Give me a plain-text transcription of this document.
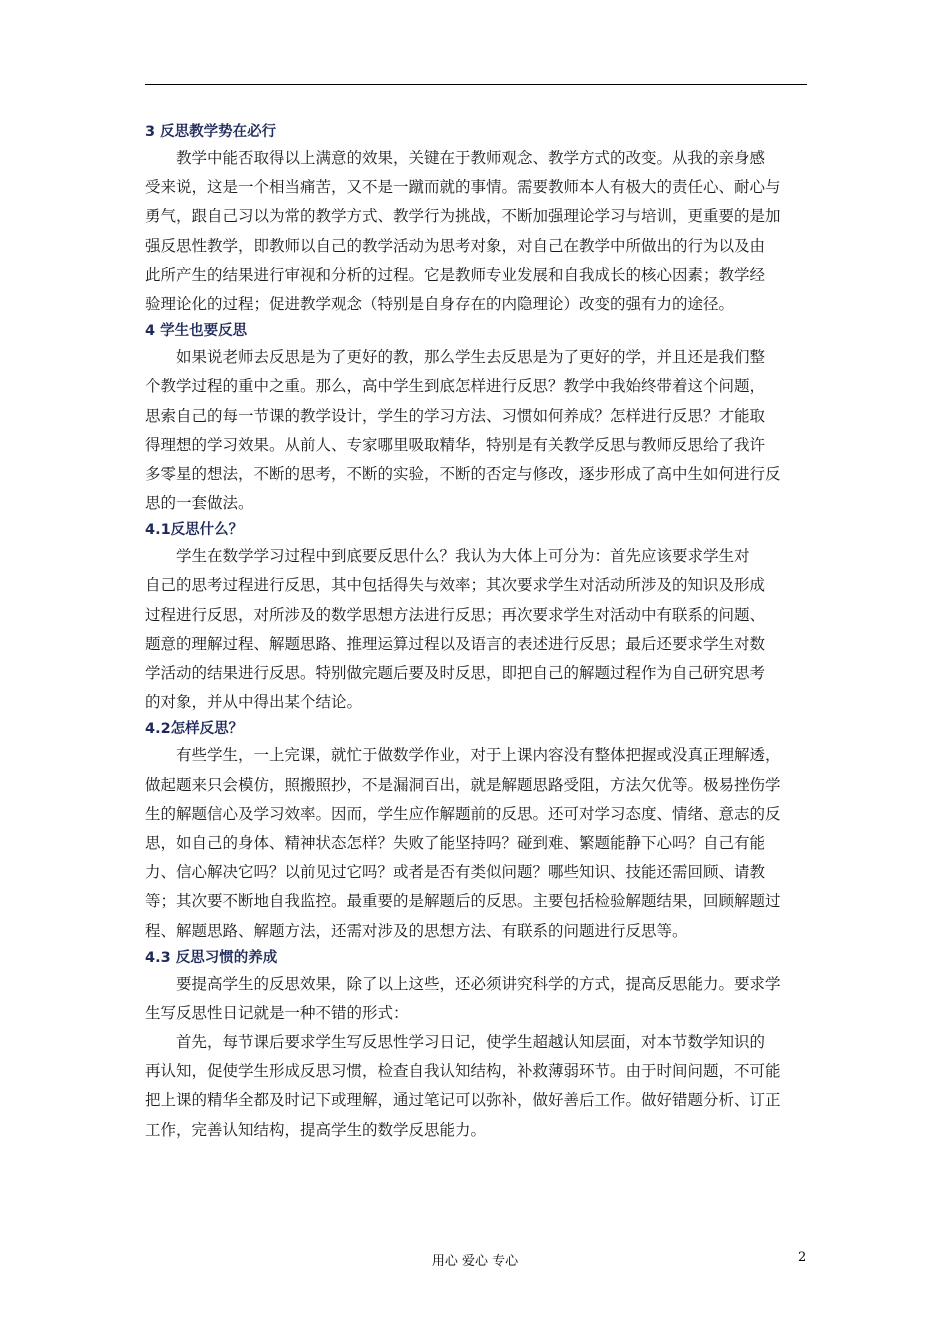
3 反思教学势在必行
　　教学中能否取得以上满意的效果，关键在于教师观念、教学方式的改变。从我的亲身感
受来说，这是一个相当痛苦，又不是一蹴而就的事情。需要教师本人有极大的责任心、耐心与
勇气，跟自己习以为常的教学方式、教学行为挑战，不断加强理论学习与培训，更重要的是加
强反思性教学，即教师以自己的教学活动为思考对象，对自己在教学中所做出的行为以及由
此所产生的结果进行审视和分析的过程。它是教师专业发展和自我成长的核心因素；教学经
验理论化的过程；促进教学观念（特别是自身存在的内隐理论）改变的强有力的途径。
4 学生也要反思
　　如果说老师去反思是为了更好的教，那么学生去反思是为了更好的学，并且还是我们整
个教学过程的重中之重。那么，高中学生到底怎样进行反思？教学中我始终带着这个问题，
思索自己的每一节课的教学设计，学生的学习方法、习惯如何养成？怎样进行反思？才能取
得理想的学习效果。从前人、专家哪里吸取精华，特别是有关教学反思与教师反思给了我许
多零星的想法，不断的思考，不断的实验，不断的否定与修改，逐步形成了高中生如何进行反
思的一套做法。
4.1反思什么？
　　学生在数学学习过程中到底要反思什么？我认为大体上可分为：首先应该要求学生对
自己的思考过程进行反思，其中包括得失与效率；其次要求学生对活动所涉及的知识及形成
过程进行反思，对所涉及的数学思想方法进行反思；再次要求学生对活动中有联系的问题、
题意的理解过程、解题思路、推理运算过程以及语言的表述进行反思；最后还要求学生对数
学活动的结果进行反思。特别做完题后要及时反思，即把自己的解题过程作为自己研究思考
的对象，并从中得出某个结论。
4.2怎样反思？
　　有些学生，一上完课，就忙于做数学作业，对于上课内容没有整体把握或没真正理解透，
做起题来只会模仿，照搬照抄，不是漏洞百出，就是解题思路受阻，方法欠优等。极易挫伤学
生的解题信心及学习效率。因而，学生应作解题前的反思。还可对学习态度、情绪、意志的反
思，如自己的身体、精神状态怎样？失败了能坚持吗？碰到难、繁题能静下心吗？自己有能
力、信心解决它吗？以前见过它吗？或者是否有类似问题？哪些知识、技能还需回顾、请教
等；其次要不断地自我监控。最重要的是解题后的反思。主要包括检验解题结果，回顾解题过
程、解题思路、解题方法，还需对涉及的思想方法、有联系的问题进行反思等。
4.3 反思习惯的养成
　　要提高学生的反思效果，除了以上这些，还必须讲究科学的方式，提高反思能力。要求学
生写反思性日记就是一种不错的形式：
　　首先，每节课后要求学生写反思性学习日记，使学生超越认知层面，对本节数学知识的
再认知，促使学生形成反思习惯，检查自我认知结构，补救薄弱环节。由于时间问题，不可能
把上课的精华全都及时记下或理解，通过笔记可以弥补，做好善后工作。做好错题分析、订正
工作，完善认知结构，提高学生的数学反思能力。
用心 爱心 专心	2
